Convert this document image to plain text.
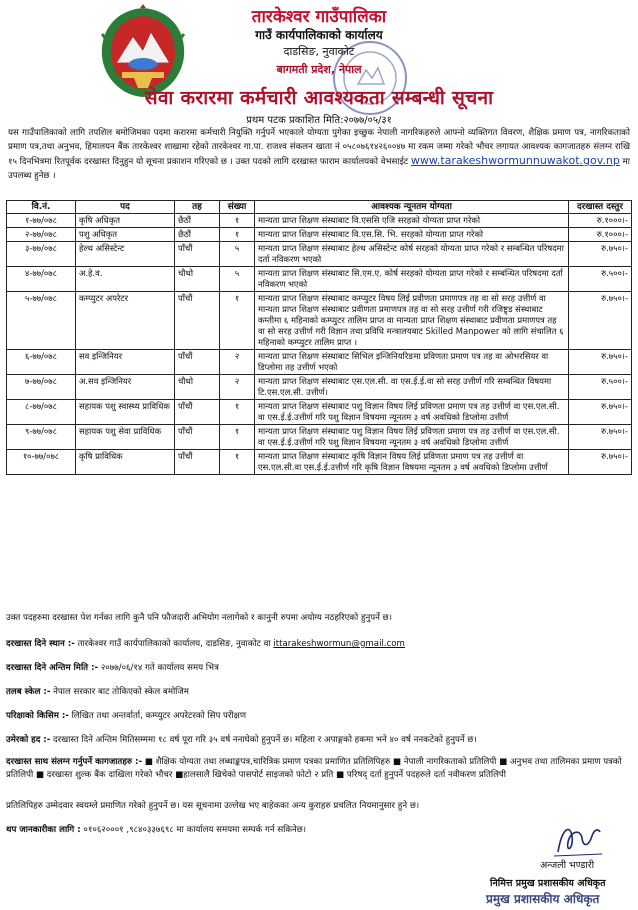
तारकेश्वर गाउँपालिका
गाउँ कार्यपालिकाको कार्यालय
दाडसिङ, नुवाकोट
बागमती प्रदेश, नेपाल
सेवा करारमा कर्मचारी आवश्यकता सम्बन्धी सूचना
प्रथम पटक प्रकाशित मिति:२०७७/०५/३१
यस गाउँपालिकाको लागि तपशिल बमोजिमका पदमा करारमा कर्मचारी नियुक्ति गर्नुपर्ने भएकाले योग्यता पुगेका इच्छुक नेपाली नागरिकहरुले आफ्नो व्यक्तिगत विवरण, शैक्षिक प्रमाण पत्र, नागरिकताको प्रमाण पत्र,तथा अनुभव, हिमालयन बैंक तारकेश्वर शाखामा रहेको तारकेश्वर गा.पा. राजश्व संकलन खाता नं ०५८०७६१४२६००४७ मा रकम जम्मा गरेको भौचर लगायत आवश्यक कागजातहरु संलग्न राखि १५ दिनभित्रमा रितपूर्वक दरखास्त दिनुहुन यो सूचना प्रकाशन गरिएको छ । उक्त पदको लागि दरखास्त फाराम कार्यालयको वेभसाईट www.tarakeshwormunnuwakot.gov.np मा उपलब्ध हुनेछ ।
वि.नं.	पद	तह	संख्या	आवश्यक न्यूनतम योग्यता	दरखास्त दस्तुर
१-७७/०७८	कृषि अधिकृत	छैठौं	१	मान्यता प्राप्त शिक्षण संस्थाबाट वि.एससि एजि सरहको योग्यता प्राप्त गरेको	रु.१०००।-
२-७७/०७८	पशु अधिकृत	छैठौं	१	मान्यता प्राप्त शिक्षण संस्थाबाट वि.एस.सि. भि. सरहको योग्यता प्राप्त गरेको	रु.१०००।-
३-७७/०७८	हेल्थ असिस्टेन्ट	पाँचौं	५	मान्यता प्राप्त शिक्षण संस्थाबाट हेल्थ असिस्टेन्ट कोर्ष सरहको योग्यता प्राप्त गरेको र सम्बन्धित परिषदमा दर्ता नविकरण भएको	रु.७५०।-
४-७७/०७८	अ.हे.व.	चौथो	५	मान्यता प्राप्त शिक्षण संस्थाबाट सि.एम.ए. कोर्ष सरहको योग्यता प्राप्त गरेको र सम्बन्धित परिषदमा दर्ता नविकरण भएको	रु.५००।-
५-७७/०७८	कम्प्युटर अपरेटर	पाँचौं	१	मान्यता प्राप्त शिक्षण संस्थाबाट कम्प्युटर विषय लिई प्रवीणता प्रमाणपत्र तह वा सो सरह उत्तीर्ण वा मान्यता प्राप्त शिक्षण संस्थाबाट प्रवीणता प्रमाणपत्र तह वा सो सरह उत्तीर्ण गरी रजिष्ट्र्ड संस्थाबाट कम्तीमा ६ महिनाको कम्प्युटर तालिम प्राप्त वा मान्यता प्राप्त शिक्षण संस्थाबाट प्रवीणता प्रमाणपत्र तह वा सो सरह उत्तीर्ण गरी विज्ञान तथा प्रविधि मन्त्रालयबाट Skilled Manpower को लागि संचालित ६ महिनाको कम्प्युटर तालिम प्राप्त ।	रु.७५०।-
६-७७/०७८	सव इन्जिनियर	पाँचौं	२	मान्यता प्राप्त शिक्षण संस्थाबाट सिभिल इन्जिनियरिङमा प्रविणता प्रमाण पत्र तह वा ओभरसियर वा डिप्लोमा तह उत्तीर्ण भएको	रु.७५०।-
७-७७/०७८	अ.सव इन्जिनियर	चौथो	२	मान्यता प्राप्त शिक्षण संस्थाबाट एस.एल.सी. वा एस.ई.ई.वा सो सरह उत्तीर्ण गरि सम्बन्धित विषयमा टि.एस.एल.सी. उत्तीर्ण।	रु.५००।-
८-७७/०७८	सहायक पशु स्वास्थ्य प्राविधिक	पाँचौं	१	मान्यता प्राप्त शिक्षण संस्थाबाट पशु विज्ञान विषय लिई प्रविणता प्रमाण पत्र तह उत्तीर्ण वा एस.एल.सी. वा एस.ई.ई.उत्तीर्ण गरि पशु विज्ञान विषयमा न्यूनतम ३ वर्ष अवधिको डिप्लोमा उत्तीर्ण	रु.७५०।-
९-७७/०७८	सहायक पशु सेवा प्राविधिक	पाँचौं	१	मान्यता प्राप्त शिक्षण संस्थाबाट पशु विज्ञान विषय लिई प्रविणता प्रमाण पत्र तह उत्तीर्ण वा एस.एल.सी. वा एस.ई.ई.उत्तीर्ण गरि पशु विज्ञान विषयमा न्यूनतम ३ वर्ष अवधिको डिप्लोमा उत्तीर्ण	रु.७५०।-
१०-७७/०७८	कृषि प्राविधिक	पाँचौं	१	मान्यता प्राप्त शिक्षण संस्थाबाट कृषि विज्ञान विषय लिई प्रविणता प्रमाण पत्र तह उत्तीर्ण वा एस.एल.सी.वा एस.ई.ई.उत्तीर्ण गरि कृषि विज्ञान विषयमा न्यूनतम ३ वर्ष अवधिको डिप्लोमा उत्तीर्ण	रु.७५०।-
उक्त पदहरुमा दरखास्त पेश गर्नका लागि कुनै पनि फौजदारी अभियोग नलागेको र कानुनी रुपमा अयोग्य नठहरिएको हुनुपर्ने छ।
दरखास्त दिने स्थान :- तारकेश्वर गाउँ कार्यपालिकाको कार्यालय, दाडसिङ, नुवाकोट वा ittarakeshwormun@gmail.com
दरखास्त दिने अन्तिम मिति :- २०७७/०६/१४ गते कार्यालय समय भित्र
तलब स्केल :- नेपाल सरकार बाट तोकिएको स्केल बमोजिम
परिक्षाको किसिम :- लिखित तथा अन्तर्वार्ता, कम्प्युटर अपरेटरको सिप परीक्षण
उमेरको हद :- दरखास्त दिने अन्तिम मितिसम्ममा १८ वर्ष पूरा गरि ३५ वर्ष ननाघेको हुनुपर्ने छ। महिला र अपाङ्गको हकमा भने ४० वर्ष ननकटेको हुनुपर्ने छ।
दरखास्त साथ संलग्न गर्नुपर्ने कागजातहरु :- ■ शैक्षिक योग्यता तथा लब्धाङ्कपत्र,चारित्रिक प्रमाण पत्रका प्रमाणित प्रतिलिपिहरु ■ नेपाली नागरिकताको प्रतिलिपी ■ अनुभव तथा तालिमका प्रमाण पत्रको प्रतिलिपी ■ दरखास्त शुल्क बैंक दाखिला गरेको भौचर ■हालसालै खिचेको पासपोर्ट साइजको फोटो २ प्रति ■ परिषद् दर्ता हुनुपर्ने पदहरुले दर्ता नवीकरण प्रतिलिपी
प्रतिलिपिहरु उम्मेदवार स्वयम्ले प्रमाणित गरेको हुनुपर्ने छ। यस सूचनामा उल्लेख भए बाहेकका अन्य कुराहरु प्रचलित नियमानुसार हुने छ।
थप जानकारीका लागि : ०१०६२०००१ ,९८४०३३७६९८ मा कार्यालय समयमा सम्पर्क गर्न सकिनेछ।
अन्जली भण्डारी
निमित्त प्रमुख प्रशासकीय अधिकृत
प्रमुख प्रशासकीय अधिकृत
